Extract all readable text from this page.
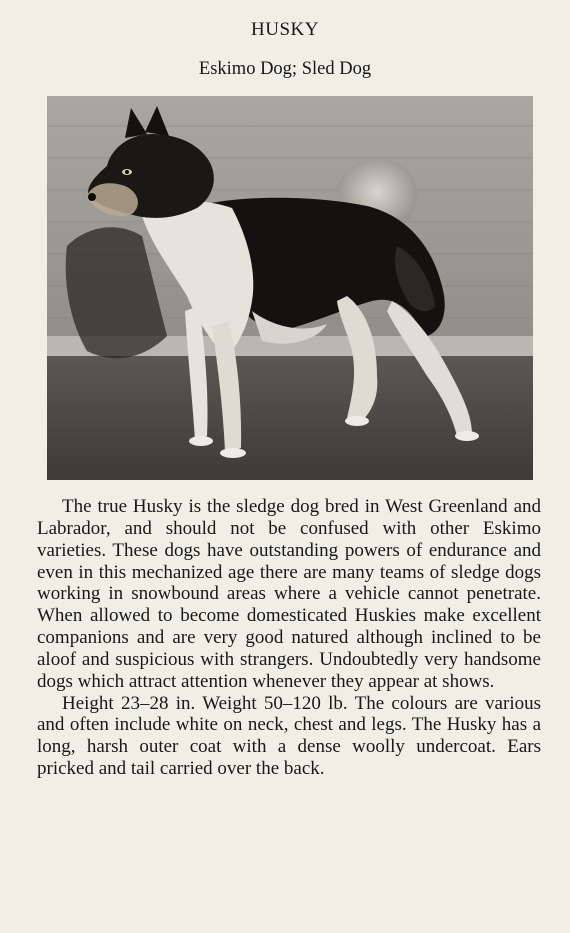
HUSKY
Eskimo Dog; Sled Dog

The true Husky is the sledge dog bred in West Greenland and Labrador, and should not be confused with other Eskimo varieties. These dogs have outstanding powers of endurance and even in this mechanized age there are many teams of sledge dogs working in snowbound areas where a vehicle cannot penetrate. When allowed to become domesticated Huskies make excellent companions and are very good natured although inclined to be aloof and suspicious with strangers. Undoubtedly very handsome dogs which attract attention whenever they appear at shows.

Height 23–28 in. Weight 50–120 lb. The colours are various and often include white on neck, chest and legs. The Husky has a long, harsh outer coat with a dense woolly undercoat. Ears pricked and tail carried over the back.
